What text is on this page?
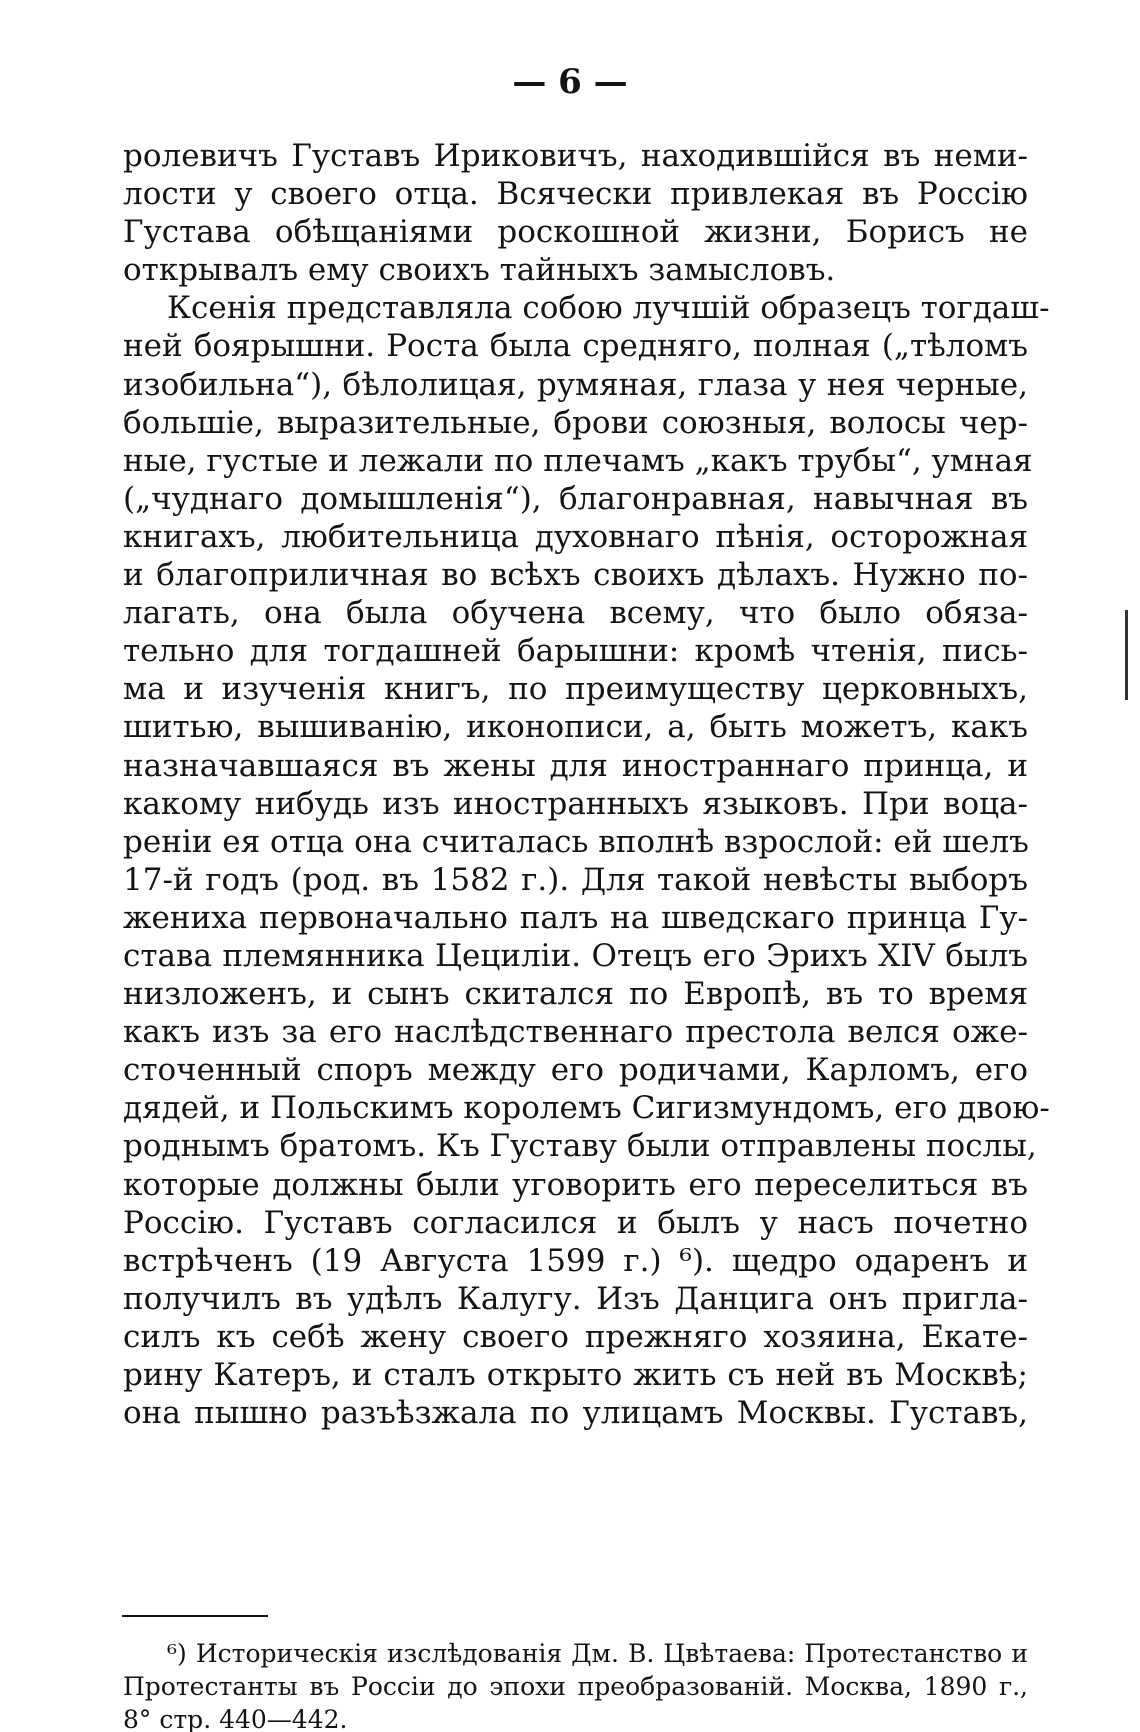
— 6 —
ролевичъ Густавъ Ириковичъ, находившійся въ неми-
лости у своего отца. Всячески привлекая въ Россію
Густава обѣщаніями роскошной жизни, Борисъ не
открывалъ ему своихъ тайныхъ замысловъ.
Ксенія представляла собою лучшій образецъ тогдаш-
ней боярышни. Роста была средняго, полная („тѣломъ
изобильна“), бѣлолицая, румяная, глаза у нея черные,
большіе, выразительные, брови союзныя, волосы чер-
ные, густые и лежали по плечамъ „какъ трубы“, умная
(„чуднаго домышленія“), благонравная, навычная въ
книгахъ, любительница духовнаго пѣнія, осторожная
и благоприличная во всѣхъ своихъ дѣлахъ. Нужно по-
лагать, она была обучена всему, что было обяза-
тельно для тогдашней барышни: кромѣ чтенія, пись-
ма и изученія книгъ, по преимуществу церковныхъ,
шитью, вышиванію, иконописи, а, быть можетъ, какъ
назначавшаяся въ жены для иностраннаго принца, и
какому нибудь изъ иностранныхъ языковъ. При воца-
реніи ея отца она считалась вполнѣ взрослой: ей шелъ
17-й годъ (род. въ 1582 г.). Для такой невѣсты выборъ
жениха первоначально палъ на шведскаго принца Гу-
става племянника Цециліи. Отецъ его Эрихъ XIV былъ
низложенъ, и сынъ скитался по Европѣ, въ то время
какъ изъ за его наслѣдственнаго престола велся оже-
сточенный споръ между его родичами, Карломъ, его
дядей, и Польскимъ королемъ Сигизмундомъ, его двою-
роднымъ братомъ. Къ Густаву были отправлены послы,
которые должны были уговорить его переселиться въ
Россію. Густавъ согласился и былъ у насъ почетно
встрѣченъ (19 Августа 1599 г.) ⁶). щедро одаренъ и
получилъ въ удѣлъ Калугу. Изъ Данцига онъ пригла-
силъ къ себѣ жену своего прежняго хозяина, Екате-
рину Катеръ, и сталъ открыто жить съ ней въ Москвѣ;
она пышно разъѣзжала по улицамъ Москвы. Густавъ,
⁶) Историческія изслѣдованія Дм. В. Цвѣтаева: Протестанство и
Протестанты въ Россіи до эпохи преобразованій. Москва, 1890 г.,
8° стр. 440—442.
